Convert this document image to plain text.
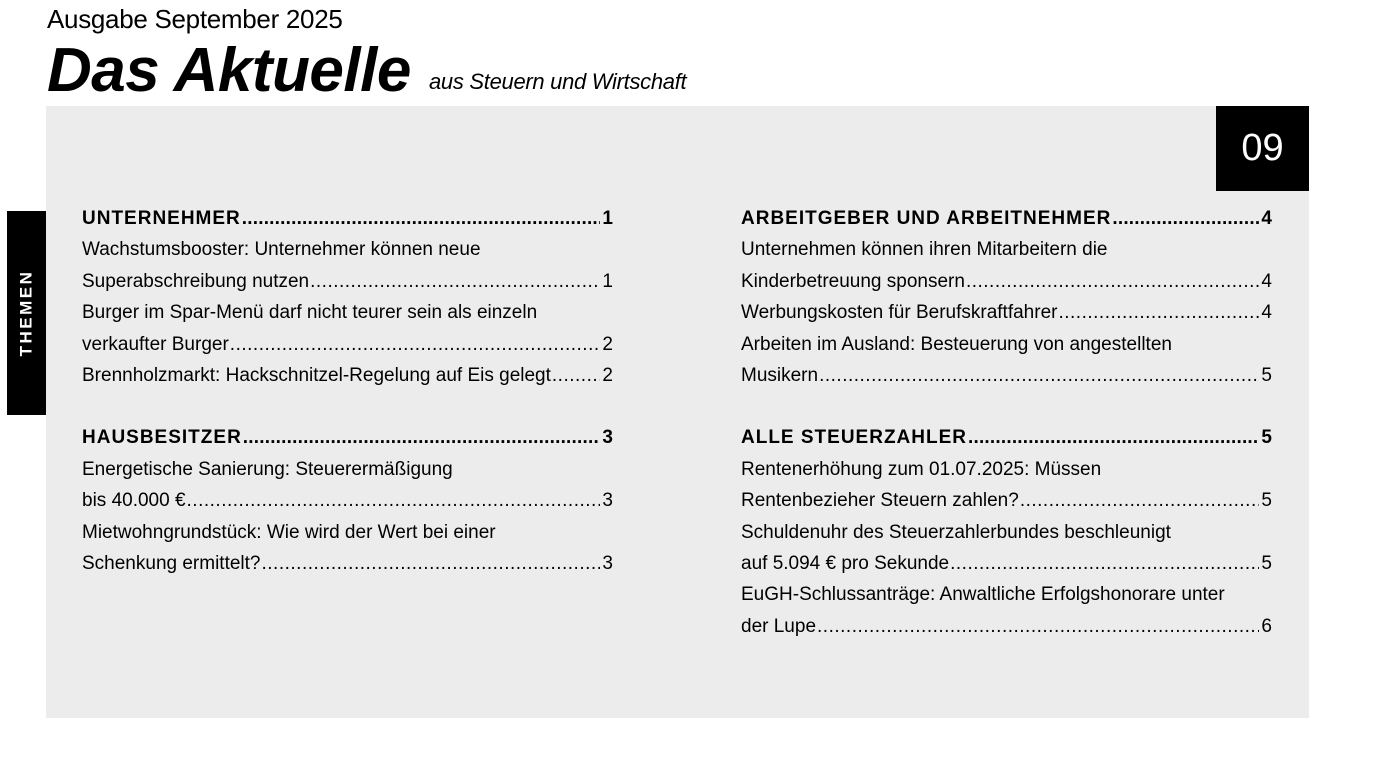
Ausgabe September 2025
Das Aktuelle aus Steuern und Wirtschaft
09
THEMEN
UNTERNEHMER .....	1
Wachstumsbooster: Unternehmer können neue
Superabschreibung nutzen .....	1
Burger im Spar-Menü darf nicht teurer sein als einzeln
verkaufter Burger .....	2
Brennholzmarkt: Hackschnitzel-Regelung auf Eis gelegt .....	2
HAUSBESITZER .....	3
Energetische Sanierung: Steuerermäßigung
bis 40.000 € .....	3
Mietwohngrundstück: Wie wird der Wert bei einer
Schenkung ermittelt? .....	3
ARBEITGEBER UND ARBEITNEHMER .....	4
Unternehmen können ihren Mitarbeitern die
Kinderbetreuung sponsern .....	4
Werbungskosten für Berufskraftfahrer .....	4
Arbeiten im Ausland: Besteuerung von angestellten
Musikern .....	5
ALLE STEUERZAHLER .....	5
Rentenerhöhung zum 01.07.2025: Müssen
Rentenbezieher Steuern zahlen? .....	5
Schuldenuhr des Steuerzahlerbundes beschleunigt
auf 5.094 € pro Sekunde .....	5
EuGH-Schlussanträge: Anwaltliche Erfolgshonorare unter
der Lupe .....	6
